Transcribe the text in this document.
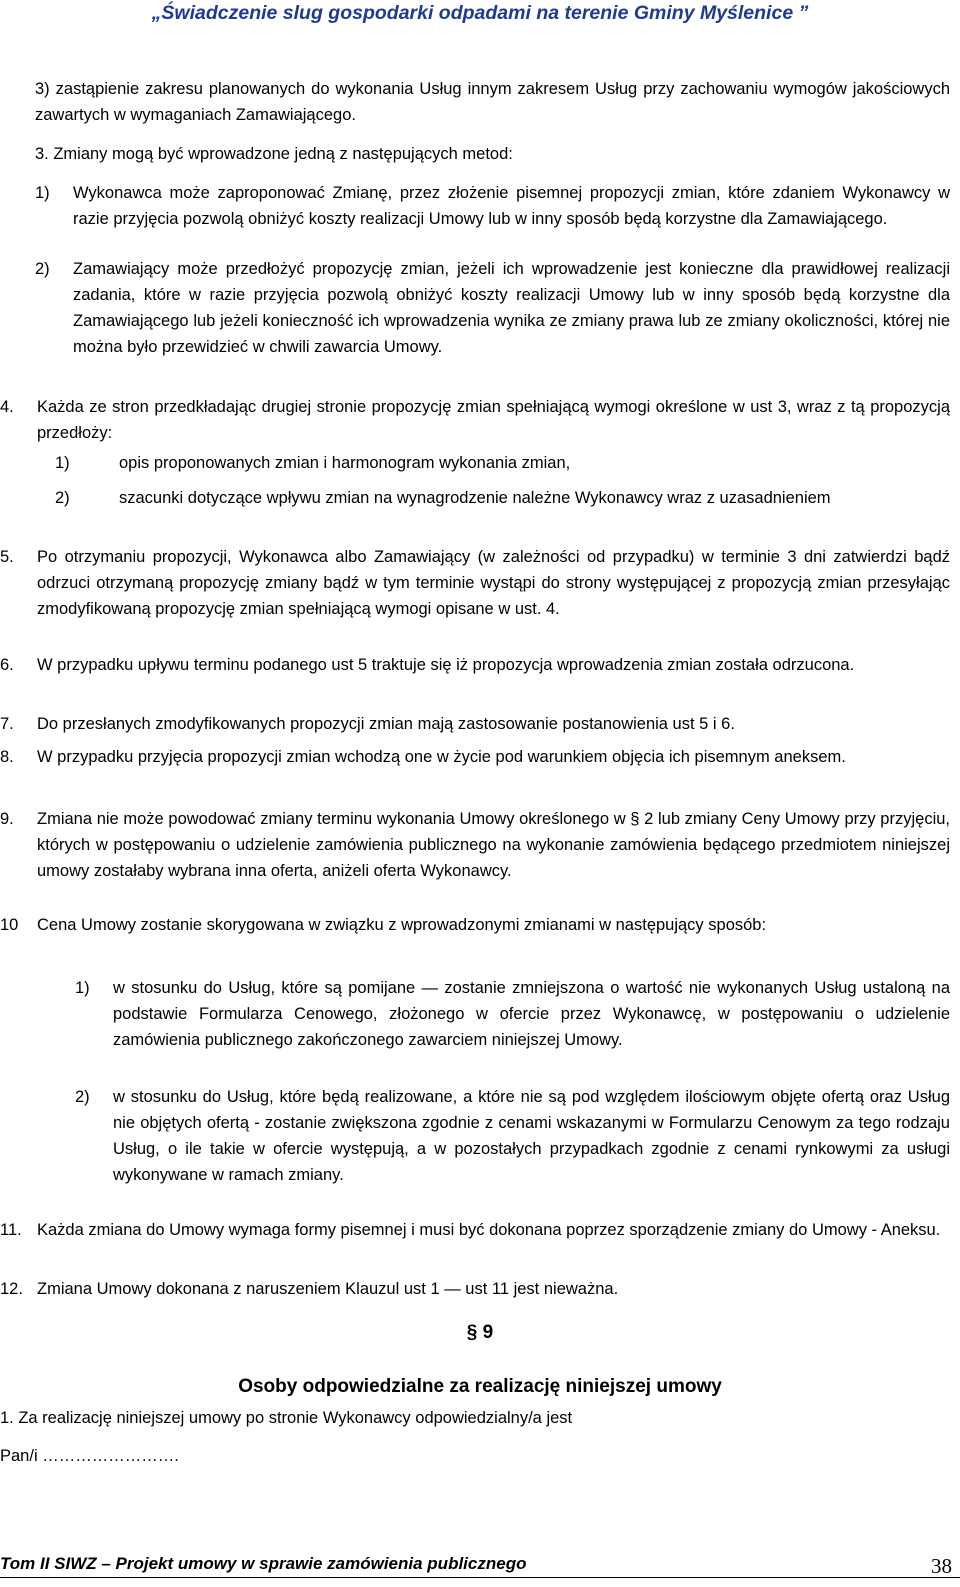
„Świadczenie slug gospodarki odpadami na terenie Gminy Myślenice ”
3) zastąpienie zakresu planowanych do wykonania Usług innym zakresem Usług przy zachowaniu wymogów jakościowych zawartych w wymaganiach Zamawiającego.
3. Zmiany mogą być wprowadzone jedną z następujących metod:
1) Wykonawca może zaproponować Zmianę, przez złożenie pisemnej propozycji zmian, które zdaniem Wykonawcy w razie przyjęcia pozwolą obniżyć koszty realizacji Umowy lub w inny sposób będą korzystne dla Zamawiającego.
2) Zamawiający może przedłożyć propozycję zmian, jeżeli ich wprowadzenie jest konieczne dla prawidłowej realizacji zadania, które w razie przyjęcia pozwolą obniżyć koszty realizacji Umowy lub w inny sposób będą korzystne dla Zamawiającego lub jeżeli konieczność ich wprowadzenia wynika ze zmiany prawa lub ze zmiany okoliczności, której nie można było przewidzieć w chwili zawarcia Umowy.
4. Każda ze stron przedkładając drugiej stronie propozycję zmian spełniającą wymogi określone w ust 3, wraz z tą propozycją przedłoży:
1)	opis proponowanych zmian i harmonogram wykonania zmian,
2)	szacunki dotyczące wpływu zmian na wynagrodzenie należne Wykonawcy wraz z uzasadnieniem
5. Po otrzymaniu propozycji, Wykonawca albo Zamawiający (w zależności od przypadku) w terminie 3 dni zatwierdzi bądź odrzuci otrzymaną propozycję zmiany bądź w tym terminie wystąpi do strony występującej z propozycją zmian przesyłając zmodyfikowaną propozycję zmian spełniającą wymogi opisane w ust. 4.
6. W przypadku upływu terminu podanego ust 5 traktuje się iż propozycja wprowadzenia zmian została odrzucona.
7. Do przesłanych zmodyfikowanych propozycji zmian mają zastosowanie postanowienia ust 5 i 6.
8. W przypadku przyjęcia propozycji zmian wchodzą one w życie pod warunkiem objęcia ich pisemnym aneksem.
9. Zmiana nie może powodować zmiany terminu wykonania Umowy określonego w § 2 lub zmiany Ceny Umowy przy przyjęciu, których w postępowaniu o udzielenie zamówienia publicznego na wykonanie zamówienia będącego przedmiotem niniejszej umowy zostałaby wybrana inna oferta, aniżeli oferta Wykonawcy.
10 Cena Umowy zostanie skorygowana w związku z wprowadzonymi zmianami w następujący sposób:
1) w stosunku do Usług, które są pomijane — zostanie zmniejszona o wartość nie wykonanych Usług ustaloną na podstawie Formularza Cenowego, złożonego w ofercie przez Wykonawcę, w postępowaniu o udzielenie zamówienia publicznego zakończonego zawarciem niniejszej Umowy.
2) w stosunku do Usług, które będą realizowane, a które nie są pod względem ilościowym objęte ofertą oraz Usług nie objętych ofertą - zostanie zwiększona zgodnie z cenami wskazanymi w Formularzu Cenowym za tego rodzaju Usług, o ile takie w ofercie występują, a w pozostałych przypadkach zgodnie z cenami rynkowymi za usługi wykonywane w ramach zmiany.
11. Każda zmiana do Umowy wymaga formy pisemnej i musi być dokonana poprzez sporządzenie zmiany do Umowy - Aneksu.
12. Zmiana Umowy dokonana z naruszeniem Klauzul ust 1 — ust 11 jest nieważna.
§ 9
Osoby odpowiedzialne za realizację niniejszej umowy
1. Za realizację niniejszej umowy po stronie Wykonawcy odpowiedzialny/a jest
Pan/i …………………….
Tom II SIWZ – Projekt umowy w sprawie zamówienia publicznego	38
